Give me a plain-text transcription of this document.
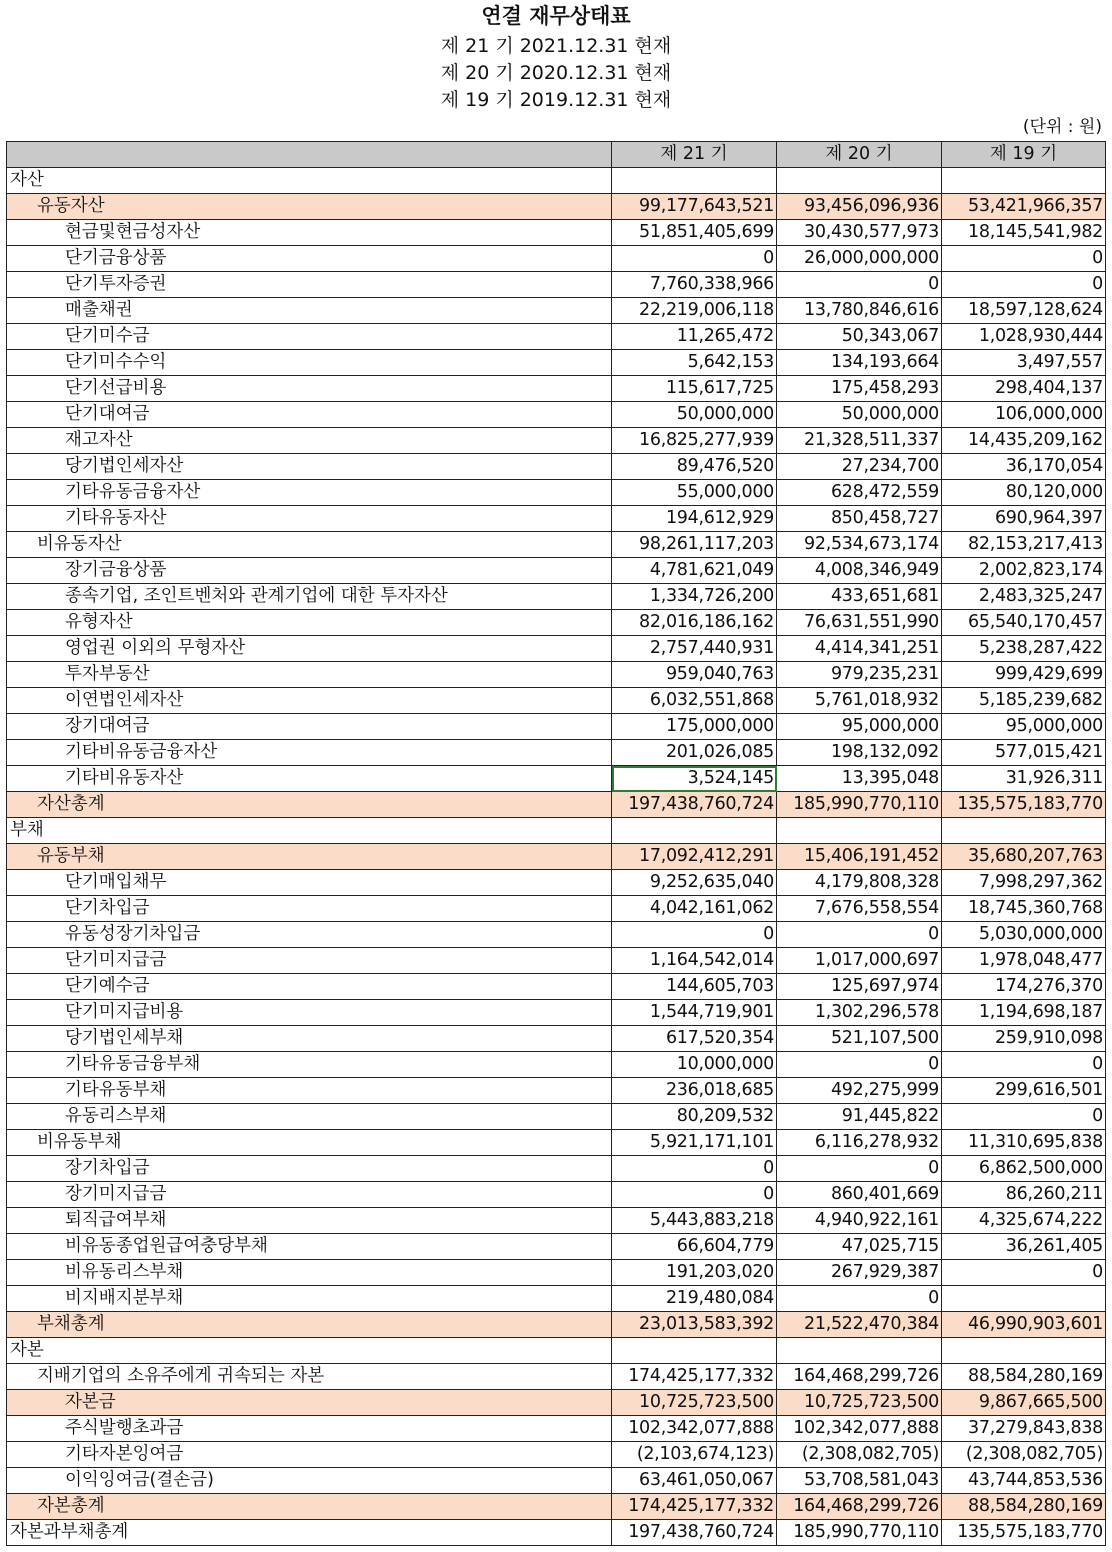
연결 재무상태표
제 21 기 2021.12.31 현재
제 20 기 2020.12.31 현재
제 19 기 2019.12.31 현재
(단위 : 원)
	제 21 기	제 20 기	제 19 기
자산			
유동자산	99,177,643,521	93,456,096,936	53,421,966,357
현금및현금성자산	51,851,405,699	30,430,577,973	18,145,541,982
단기금융상품	0	26,000,000,000	0
단기투자증권	7,760,338,966	0	0
매출채권	22,219,006,118	13,780,846,616	18,597,128,624
단기미수금	11,265,472	50,343,067	1,028,930,444
단기미수수익	5,642,153	134,193,664	3,497,557
단기선급비용	115,617,725	175,458,293	298,404,137
단기대여금	50,000,000	50,000,000	106,000,000
재고자산	16,825,277,939	21,328,511,337	14,435,209,162
당기법인세자산	89,476,520	27,234,700	36,170,054
기타유동금융자산	55,000,000	628,472,559	80,120,000
기타유동자산	194,612,929	850,458,727	690,964,397
비유동자산	98,261,117,203	92,534,673,174	82,153,217,413
장기금융상품	4,781,621,049	4,008,346,949	2,002,823,174
종속기업, 조인트벤처와 관계기업에 대한 투자자산	1,334,726,200	433,651,681	2,483,325,247
유형자산	82,016,186,162	76,631,551,990	65,540,170,457
영업권 이외의 무형자산	2,757,440,931	4,414,341,251	5,238,287,422
투자부동산	959,040,763	979,235,231	999,429,699
이연법인세자산	6,032,551,868	5,761,018,932	5,185,239,682
장기대여금	175,000,000	95,000,000	95,000,000
기타비유동금융자산	201,026,085	198,132,092	577,015,421
기타비유동자산	3,524,145	13,395,048	31,926,311
자산총계	197,438,760,724	185,990,770,110	135,575,183,770
부채			
유동부채	17,092,412,291	15,406,191,452	35,680,207,763
단기매입채무	9,252,635,040	4,179,808,328	7,998,297,362
단기차입금	4,042,161,062	7,676,558,554	18,745,360,768
유동성장기차입금	0	0	5,030,000,000
단기미지급금	1,164,542,014	1,017,000,697	1,978,048,477
단기예수금	144,605,703	125,697,974	174,276,370
단기미지급비용	1,544,719,901	1,302,296,578	1,194,698,187
당기법인세부채	617,520,354	521,107,500	259,910,098
기타유동금융부채	10,000,000	0	0
기타유동부채	236,018,685	492,275,999	299,616,501
유동리스부채	80,209,532	91,445,822	0
비유동부채	5,921,171,101	6,116,278,932	11,310,695,838
장기차입금	0	0	6,862,500,000
장기미지급금	0	860,401,669	86,260,211
퇴직급여부채	5,443,883,218	4,940,922,161	4,325,674,222
비유동종업원급여충당부채	66,604,779	47,025,715	36,261,405
비유동리스부채	191,203,020	267,929,387	0
비지배지분부채	219,480,084	0	
부채총계	23,013,583,392	21,522,470,384	46,990,903,601
자본			
지배기업의 소유주에게 귀속되는 자본	174,425,177,332	164,468,299,726	88,584,280,169
자본금	10,725,723,500	10,725,723,500	9,867,665,500
주식발행초과금	102,342,077,888	102,342,077,888	37,279,843,838
기타자본잉여금	(2,103,674,123)	(2,308,082,705)	(2,308,082,705)
이익잉여금(결손금)	63,461,050,067	53,708,581,043	43,744,853,536
자본총계	174,425,177,332	164,468,299,726	88,584,280,169
자본과부채총계	197,438,760,724	185,990,770,110	135,575,183,770
